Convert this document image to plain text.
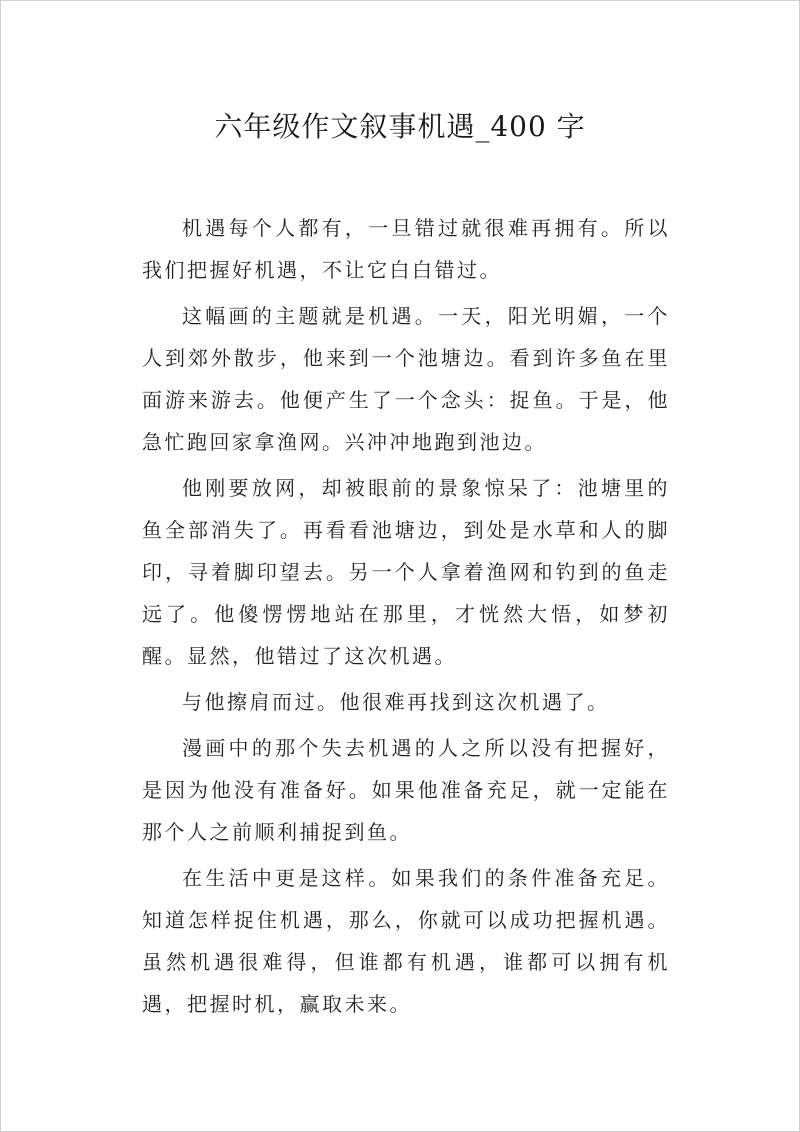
六年级作文叙事机遇_400 字

机遇每个人都有，一旦错过就很难再拥有。所以我们把握好机遇，不让它白白错过。

这幅画的主题就是机遇。一天，阳光明媚，一个人到郊外散步，他来到一个池塘边。看到许多鱼在里面游来游去。他便产生了一个念头：捉鱼。于是，他急忙跑回家拿渔网。兴冲冲地跑到池边。

他刚要放网，却被眼前的景象惊呆了：池塘里的鱼全部消失了。再看看池塘边，到处是水草和人的脚印，寻着脚印望去。另一个人拿着渔网和钓到的鱼走远了。他傻愣愣地站在那里，才恍然大悟，如梦初醒。显然，他错过了这次机遇。

与他擦肩而过。他很难再找到这次机遇了。

漫画中的那个失去机遇的人之所以没有把握好，是因为他没有准备好。如果他准备充足，就一定能在那个人之前顺利捕捉到鱼。

在生活中更是这样。如果我们的条件准备充足。知道怎样捉住机遇，那么，你就可以成功把握机遇。虽然机遇很难得，但谁都有机遇，谁都可以拥有机遇，把握时机，赢取未来。
